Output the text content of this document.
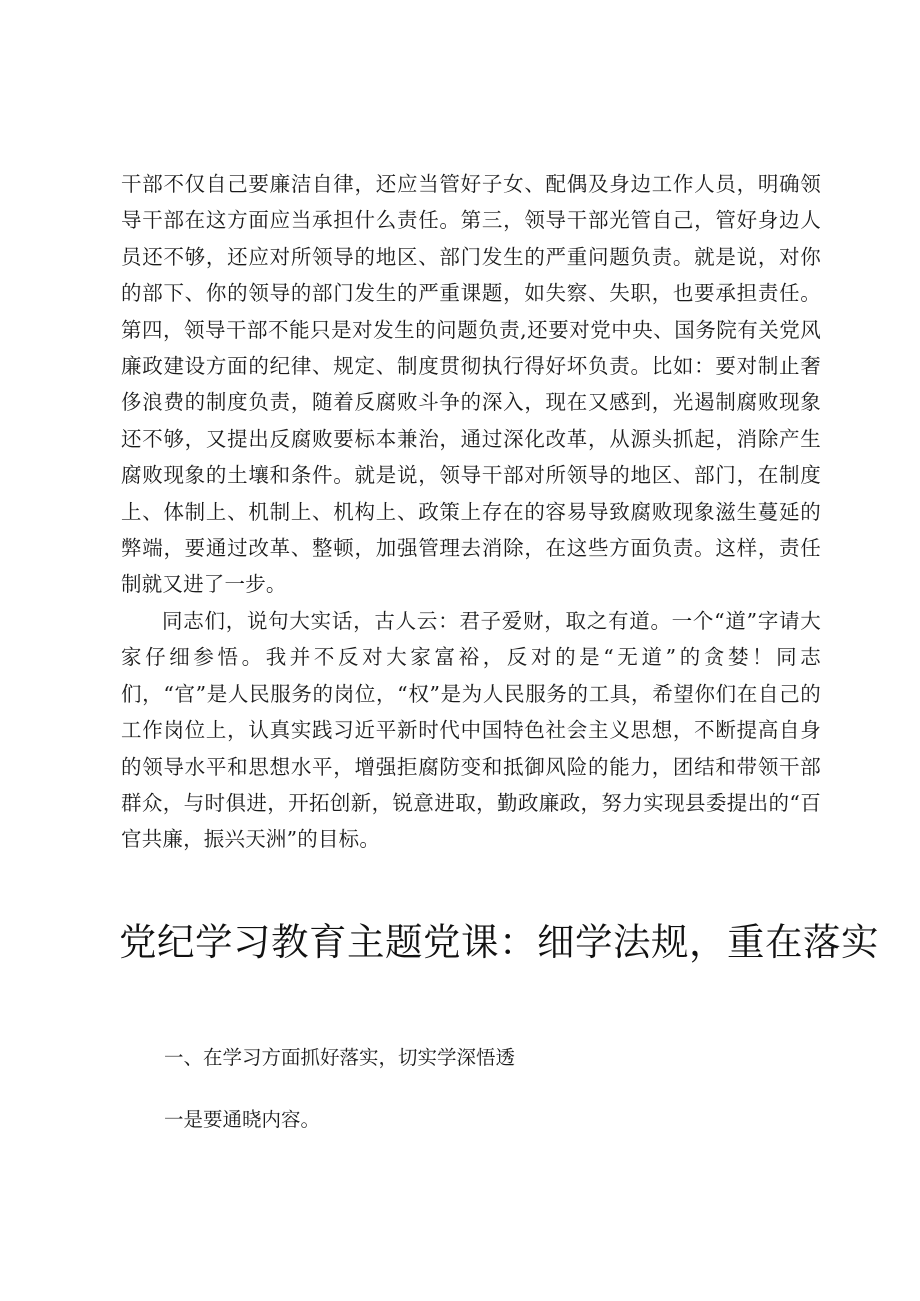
干部不仅自己要廉洁自律，还应当管好子女、配偶及身边工作人员，明确领导干部在这方面应当承担什么责任。第三，领导干部光管自己，管好身边人员还不够，还应对所领导的地区、部门发生的严重问题负责。就是说，对你的部下、你的领导的部门发生的严重课题，如失察、失职，也要承担责任。第四，领导干部不能只是对发生的问题负责,还要对党中央、国务院有关党风廉政建设方面的纪律、规定、制度贯彻执行得好坏负责。比如：要对制止奢侈浪费的制度负责，随着反腐败斗争的深入，现在又感到，光遏制腐败现象还不够，又提出反腐败要标本兼治，通过深化改革，从源头抓起，消除产生腐败现象的土壤和条件。就是说，领导干部对所领导的地区、部门，在制度上、体制上、机制上、机构上、政策上存在的容易导致腐败现象滋生蔓延的弊端，要通过改革、整顿，加强管理去消除，在这些方面负责。这样，责任制就又进了一步。

同志们，说句大实话，古人云：君子爱财，取之有道。一个“道”字请大家仔细参悟。我并不反对大家富裕，反对的是“无道”的贪婪！同志们，“官”是人民服务的岗位，“权”是为人民服务的工具，希望你们在自己的工作岗位上，认真实践习近平新时代中国特色社会主义思想，不断提高自身的领导水平和思想水平，增强拒腐防变和抵御风险的能力，团结和带领干部群众，与时俱进，开拓创新，锐意进取，勤政廉政，努力实现县委提出的“百官共廉，振兴天洲”的目标。

党纪学习教育主题党课：细学法规，重在落实
一、在学习方面抓好落实，切实学深悟透
一是要通晓内容。
